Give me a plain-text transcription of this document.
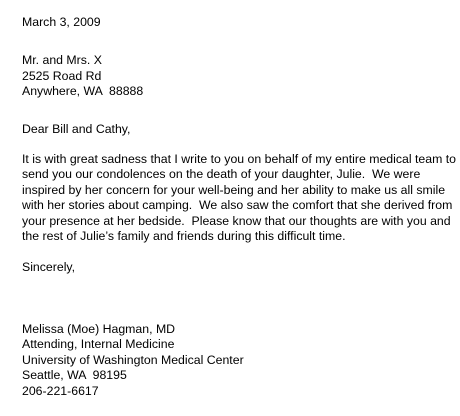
March 3, 2009
Mr. and Mrs. X
2525 Road Rd
Anywhere, WA  88888
Dear Bill and Cathy,
It is with great sadness that I write to you on behalf of my entire medical team to
send you our condolences on the death of your daughter, Julie.  We were
inspired by her concern for your well-being and her ability to make us all smile
with her stories about camping.  We also saw the comfort that she derived from
your presence at her bedside.  Please know that our thoughts are with you and
the rest of Julie’s family and friends during this difficult time.
Sincerely,
Melissa (Moe) Hagman, MD
Attending, Internal Medicine
University of Washington Medical Center
Seattle, WA  98195
206-221-6617
